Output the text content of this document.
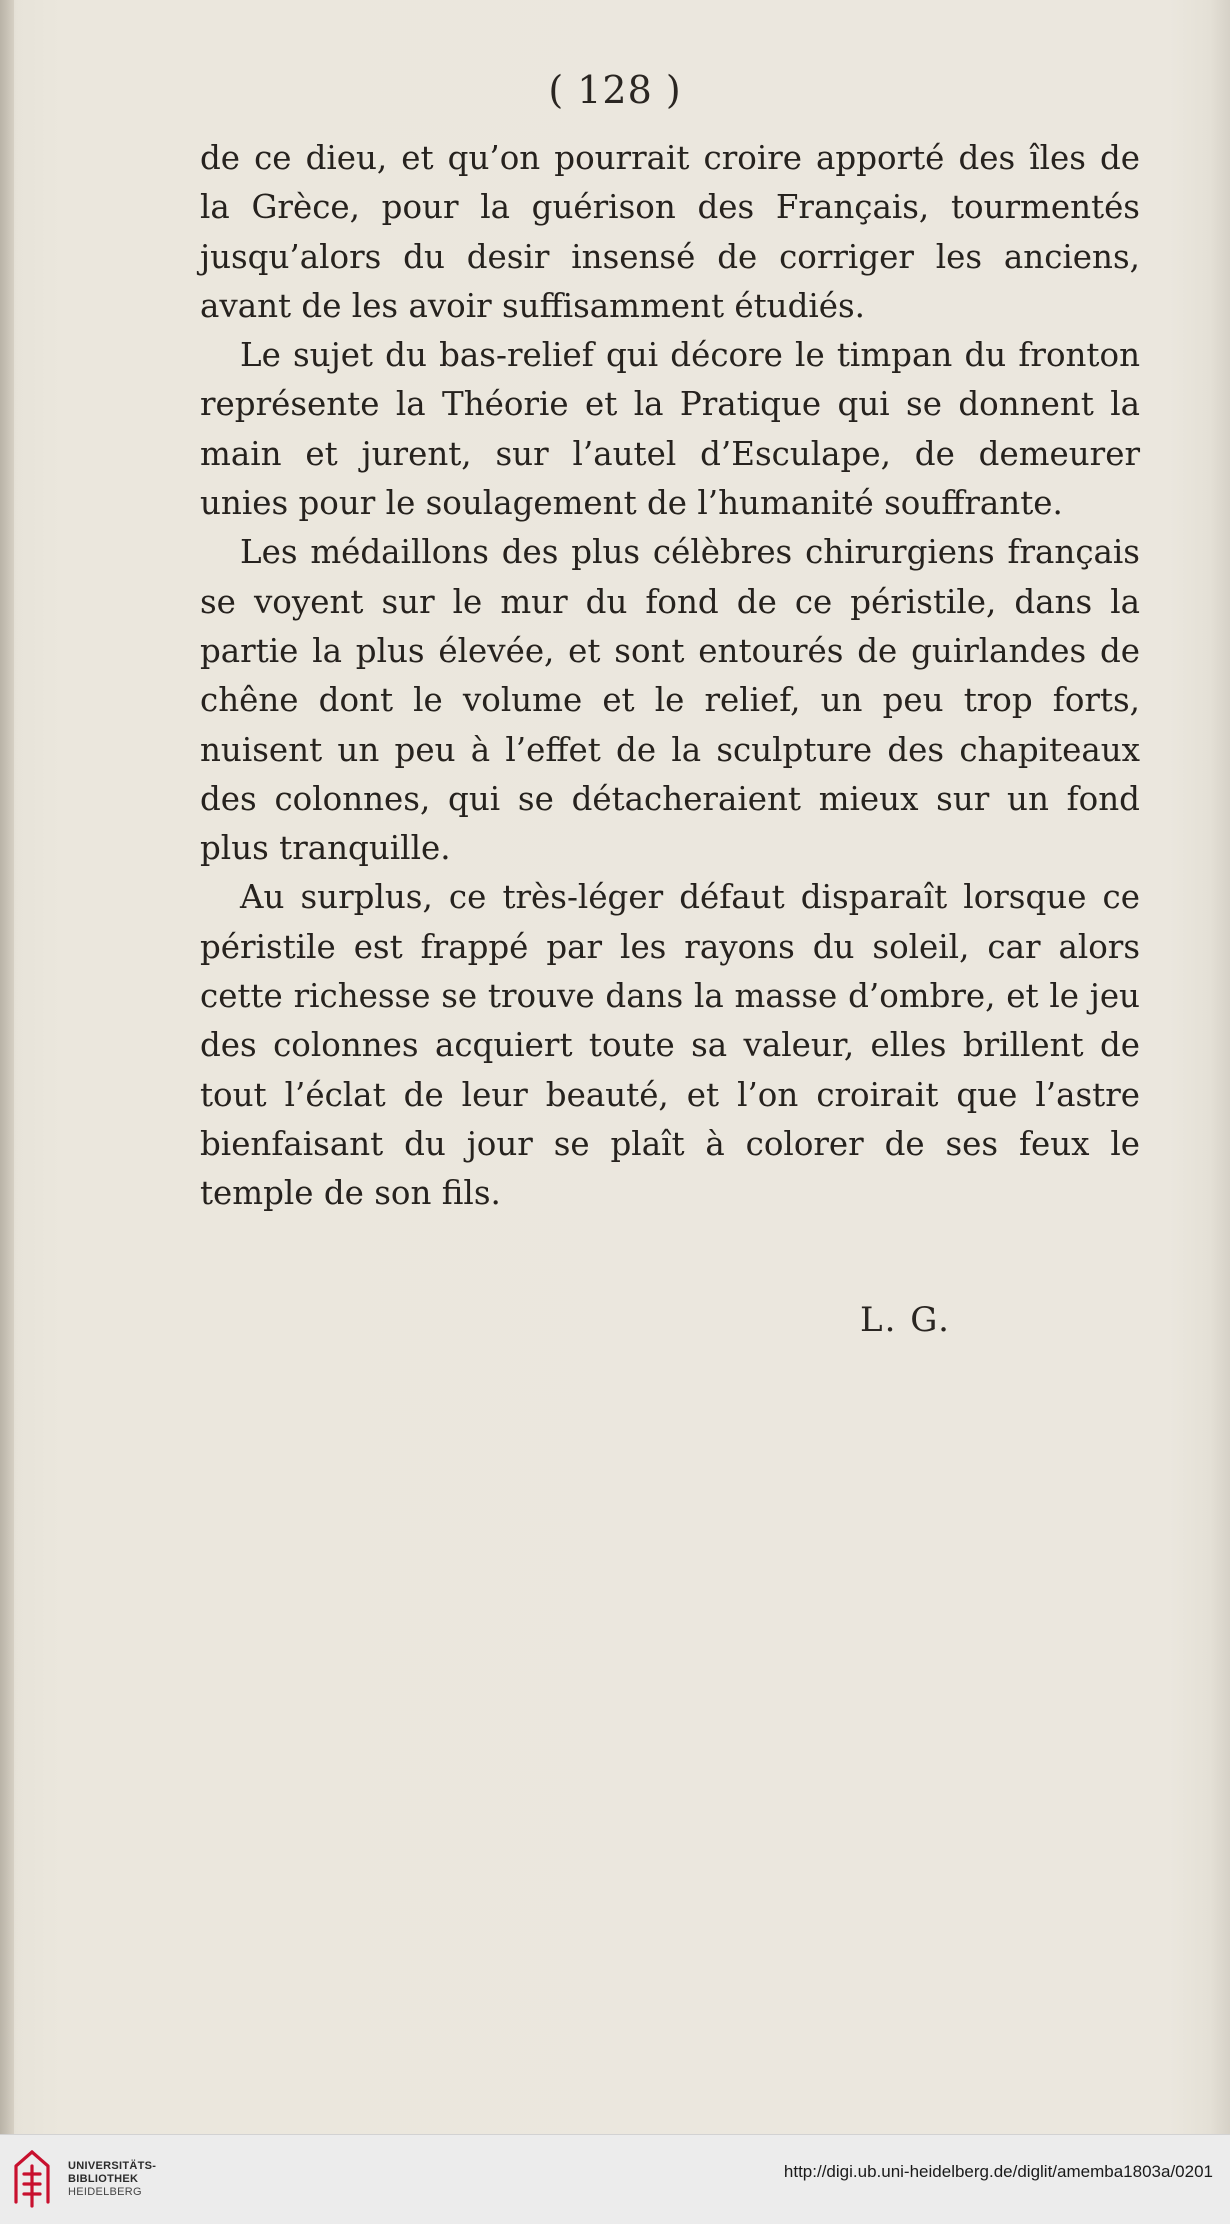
( 128 )

de ce dieu, et qu’on pourrait croire apporté des îles de la Grèce, pour la guérison des Français, tourmentés jusqu’alors du desir insensé de corriger les anciens, avant de les avoir suffisamment étudiés.

Le sujet du bas-relief qui décore le timpan du fronton représente la Théorie et la Pratique qui se donnent la main et jurent, sur l’autel d’Esculape, de demeurer unies pour le soulagement de l’humanité souffrante.

Les médaillons des plus célèbres chirurgiens français se voyent sur le mur du fond de ce péristile, dans la partie la plus élevée, et sont entourés de guirlandes de chêne dont le volume et le relief, un peu trop forts, nuisent un peu à l’effet de la sculpture des chapiteaux des colonnes, qui se détacheraient mieux sur un fond plus tranquille.

Au surplus, ce très-léger défaut disparaît lorsque ce péristile est frappé par les rayons du soleil, car alors cette richesse se trouve dans la masse d’ombre, et le jeu des colonnes acquiert toute sa valeur, elles brillent de tout l’éclat de leur beauté, et l’on croirait que l’astre bienfaisant du jour se plaît à colorer de ses feux le temple de son fils.

L. G.
UNIVERSITÄTS-
BIBLIOTHEK
HEIDELBERG
http://digi.ub.uni-heidelberg.de/diglit/amemba1803a/0201
